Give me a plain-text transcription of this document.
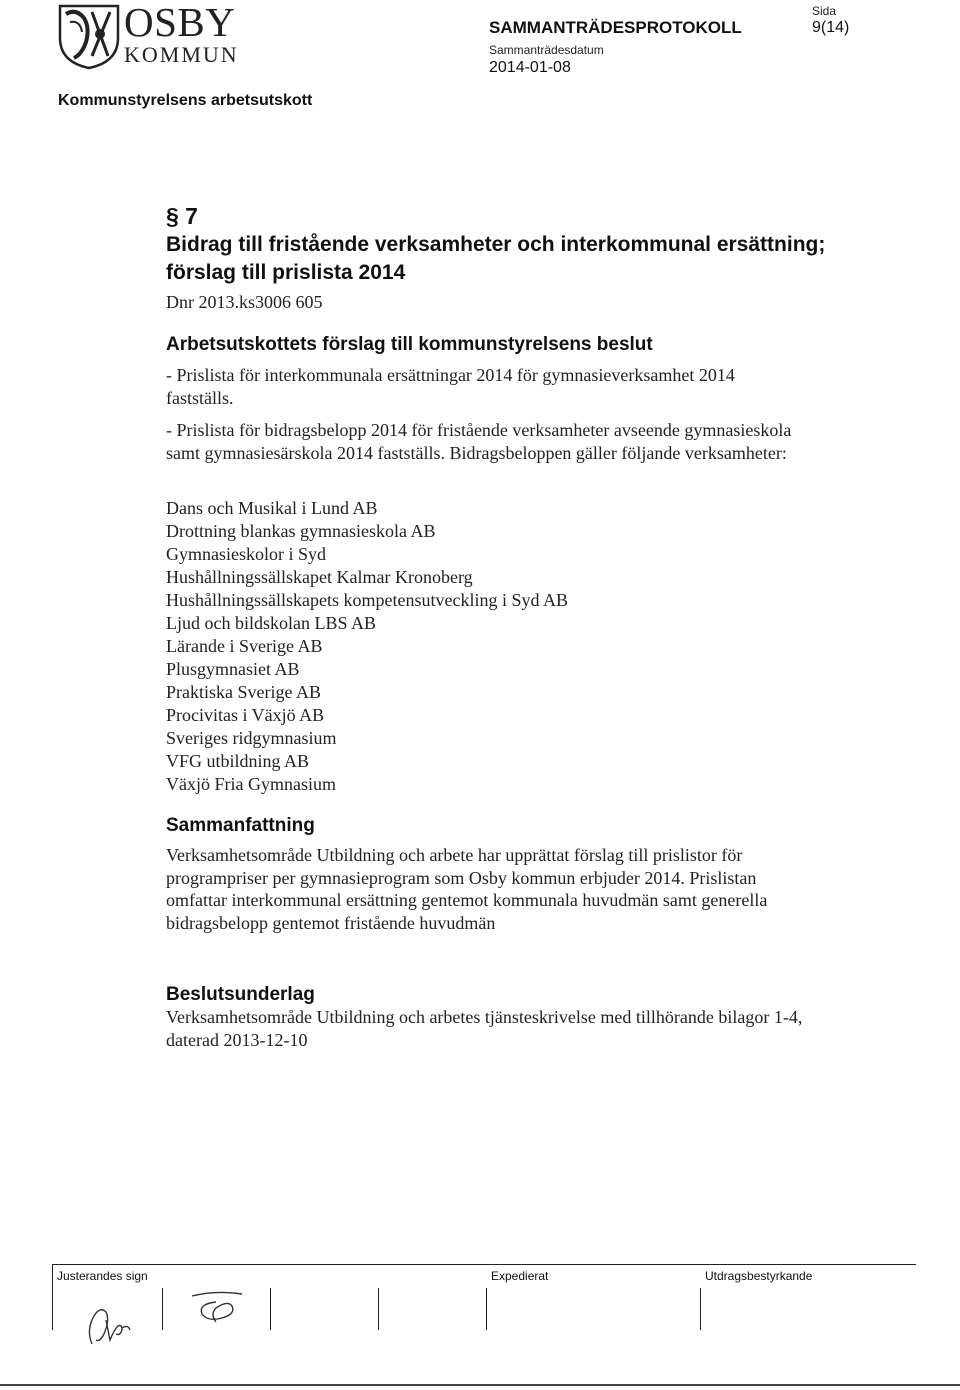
OSBY
KOMMUN
SAMMANTRÄDESPROTOKOLL
Sammanträdesdatum
2014-01-08
Sida
9(14)
Kommunstyrelsens arbetsutskott
§ 7
Bidrag till fristående verksamheter och interkommunal ersättning; förslag till prislista 2014
Dnr 2013.ks3006 605
Arbetsutskottets förslag till kommunstyrelsens beslut
- Prislista för interkommunala ersättningar 2014 för gymnasieverksamhet 2014 fastställs.
- Prislista för bidragsbelopp 2014 för fristående verksamheter avseende gymnasieskola samt gymnasiesärskola 2014 fastställs. Bidragsbeloppen gäller följande verksamheter:
Dans och Musikal i Lund AB
Drottning blankas gymnasieskola AB
Gymnasieskolor i Syd
Hushållningssällskapet Kalmar Kronoberg
Hushållningssällskapets kompetensutveckling i Syd AB
Ljud och bildskolan LBS AB
Lärande i Sverige AB
Plusgymnasiet AB
Praktiska Sverige AB
Procivitas i Växjö AB
Sveriges ridgymnasium
VFG utbildning AB
Växjö Fria Gymnasium
Sammanfattning
Verksamhetsområde Utbildning och arbete har upprättat förslag till prislistor för programpriser per gymnasieprogram som Osby kommun erbjuder 2014. Prislistan omfattar interkommunal ersättning gentemot kommunala huvudmän samt generella bidragsbelopp gentemot fristående huvudmän
Beslutsunderlag
Verksamhetsområde Utbildning och arbetes tjänsteskrivelse med tillhörande bilagor 1-4, daterad 2013-12-10
Justerandes sign	Expedierat	Utdragsbestyrkande
